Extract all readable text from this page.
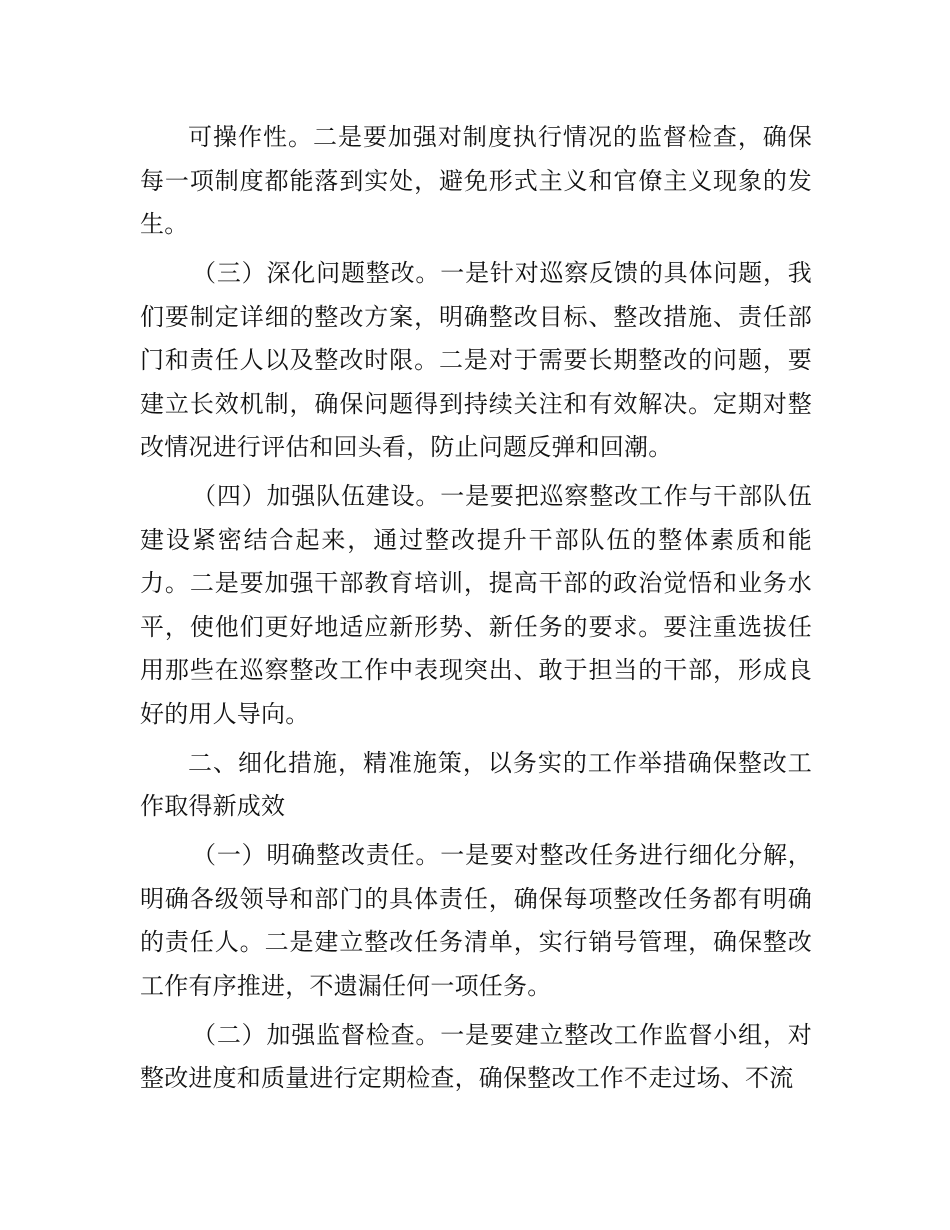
可操作性。二是要加强对制度执行情况的监督检查，确保每一项制度都能落到实处，避免形式主义和官僚主义现象的发生。

（三）深化问题整改。一是针对巡察反馈的具体问题，我们要制定详细的整改方案，明确整改目标、整改措施、责任部门和责任人以及整改时限。二是对于需要长期整改的问题，要建立长效机制，确保问题得到持续关注和有效解决。定期对整改情况进行评估和回头看，防止问题反弹和回潮。

（四）加强队伍建设。一是要把巡察整改工作与干部队伍建设紧密结合起来，通过整改提升干部队伍的整体素质和能力。二是要加强干部教育培训，提高干部的政治觉悟和业务水平，使他们更好地适应新形势、新任务的要求。要注重选拔任用那些在巡察整改工作中表现突出、敢于担当的干部，形成良好的用人导向。

二、细化措施，精准施策，以务实的工作举措确保整改工作取得新成效

（一）明确整改责任。一是要对整改任务进行细化分解，明确各级领导和部门的具体责任，确保每项整改任务都有明确的责任人。二是建立整改任务清单，实行销号管理，确保整改工作有序推进，不遗漏任何一项任务。

（二）加强监督检查。一是要建立整改工作监督小组，对整改进度和质量进行定期检查，确保整改工作不走过场、不流
